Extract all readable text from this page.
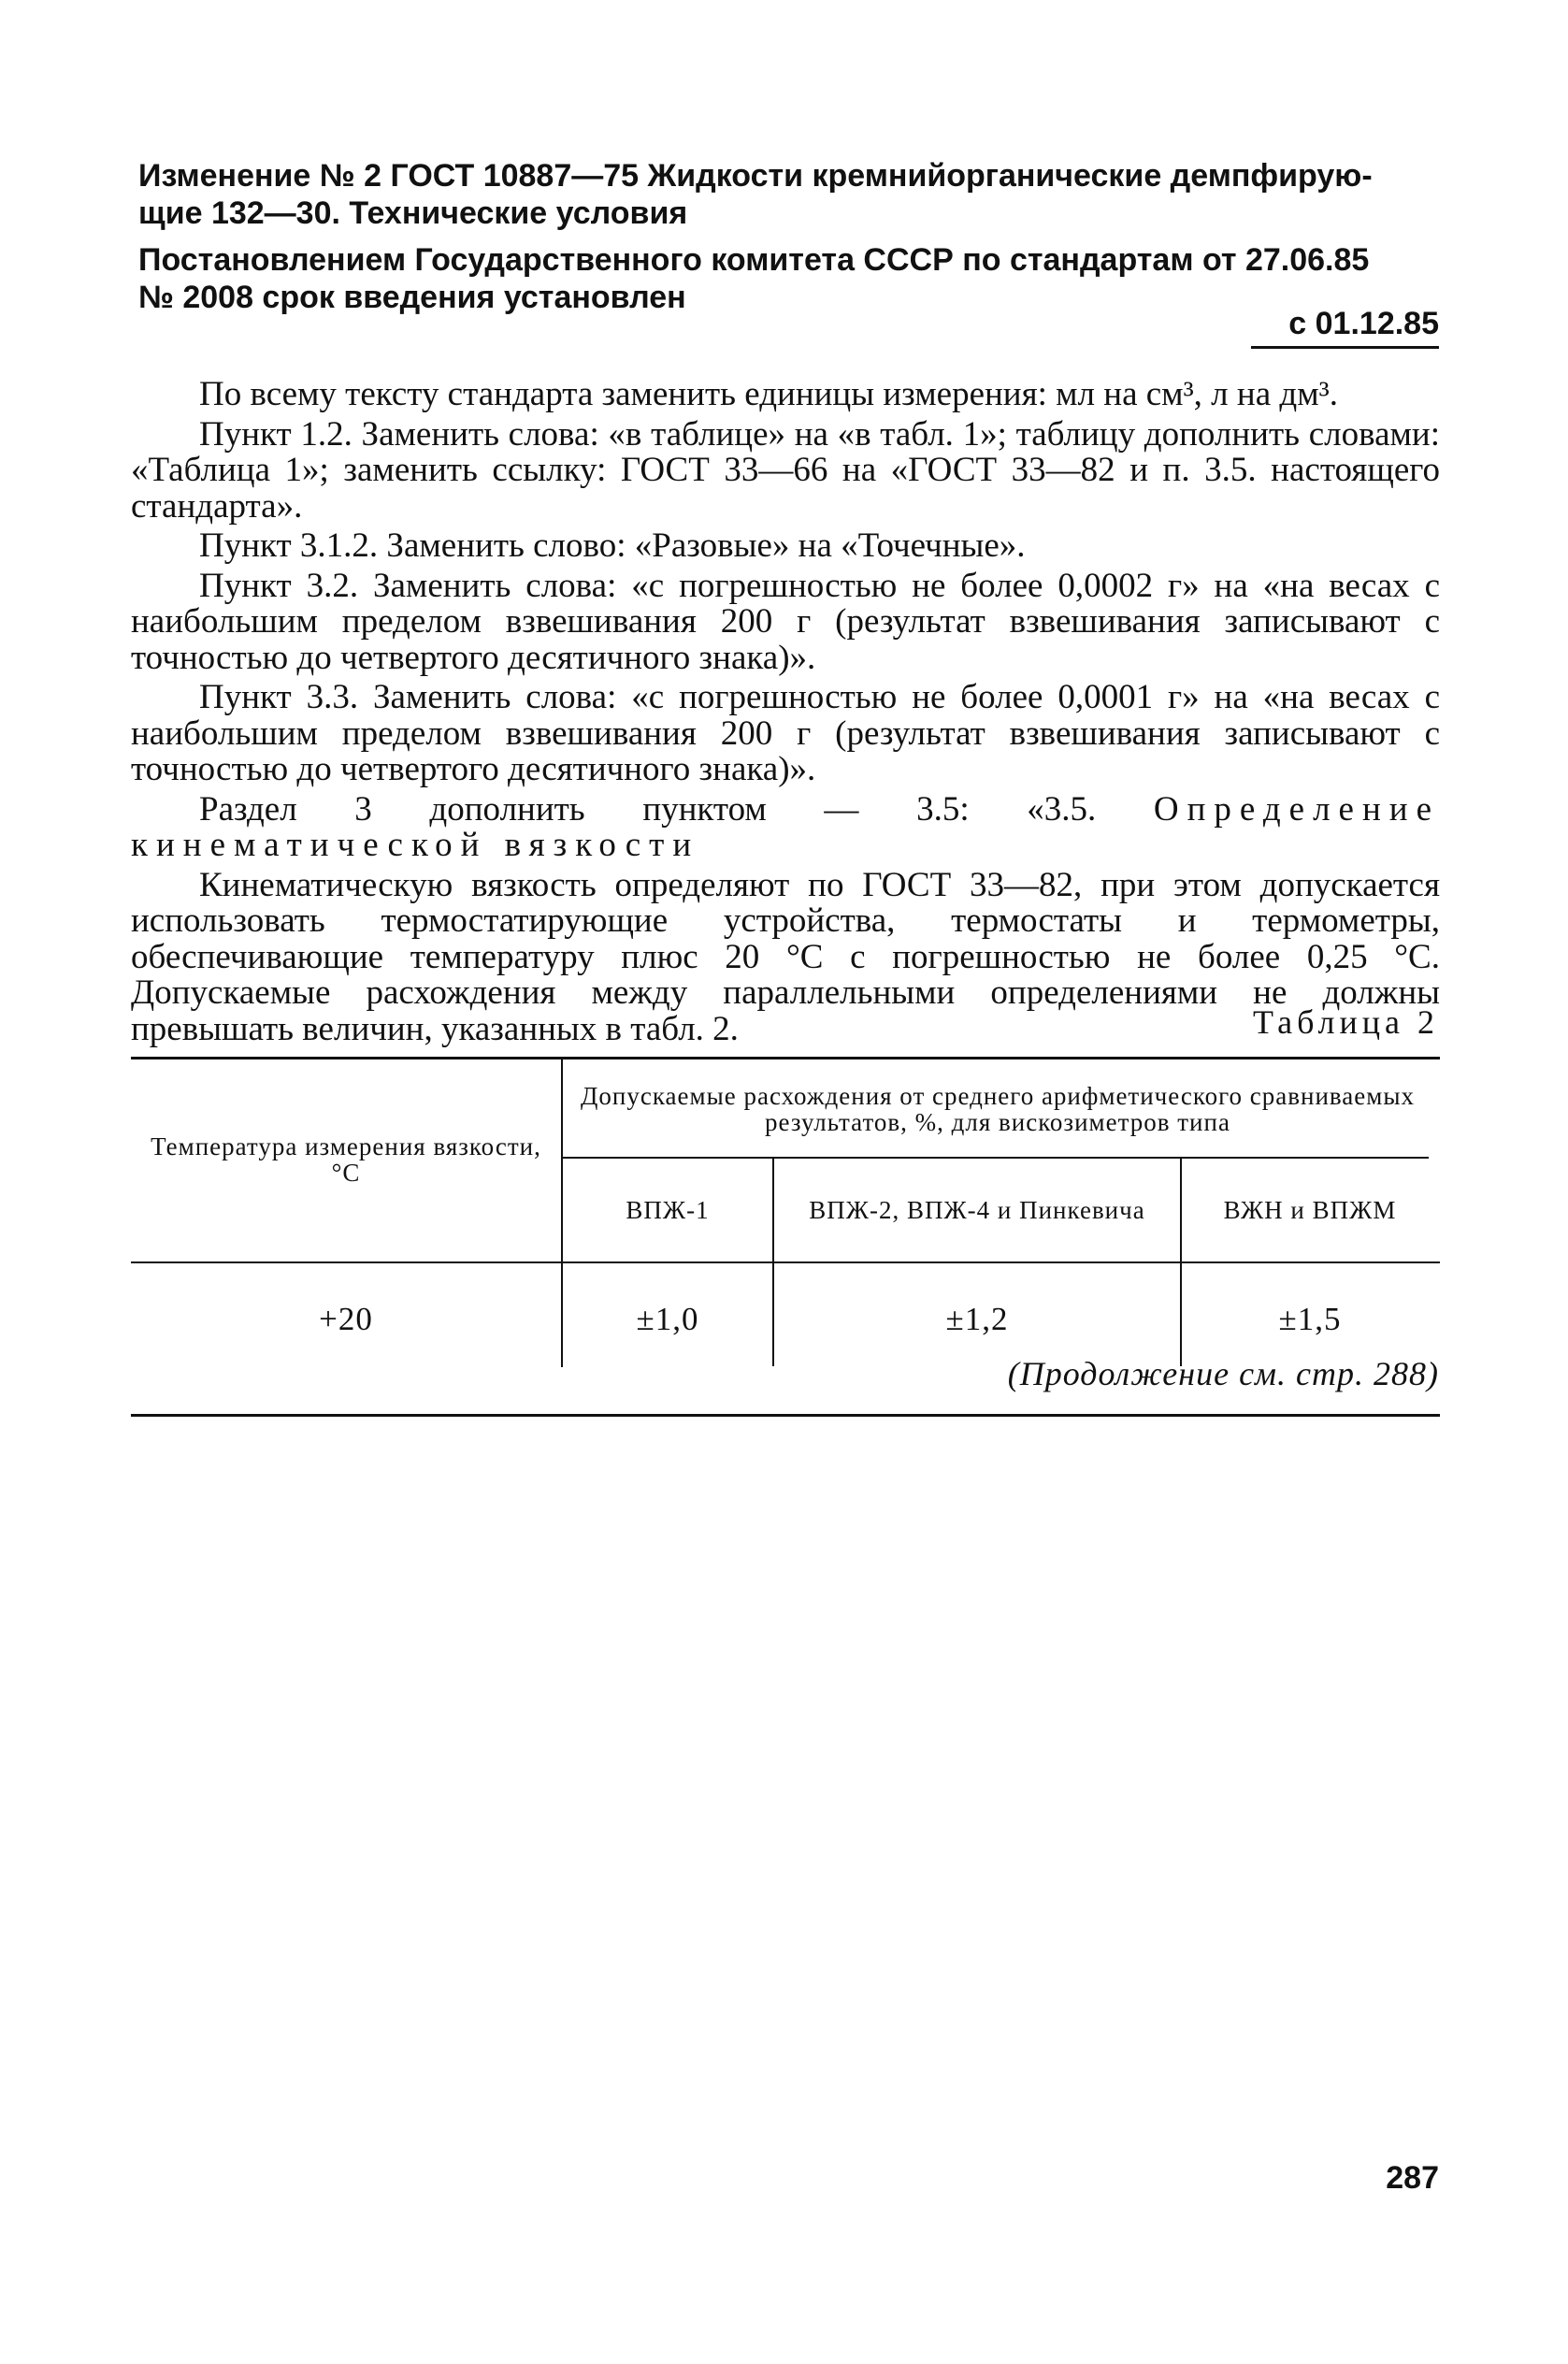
Изменение № 2 ГОСТ 10887—75 Жидкости кремнийорганические демпфирую-
щие 132—30. Технические условия
Постановлением Государственного комитета СССР по стандартам от 27.06.85
№ 2008 срок введения установлен
с 01.12.85

По всему тексту стандарта заменить единицы измерения: мл на см³, л на дм³.

Пункт 1.2. Заменить слова: «в таблице» на «в табл. 1»; таблицу дополнить словами: «Таблица 1»; заменить ссылку: ГОСТ 33—66 на «ГОСТ 33—82 и п. 3.5. настоящего стандарта».

Пункт 3.1.2. Заменить слово: «Разовые» на «Точечные».

Пункт 3.2. Заменить слова: «с погрешностью не более 0,0002 г» на «на весах с наибольшим пределом взвешивания 200 г (результат взвешивания записывают с точностью до четвертого десятичного знака)».

Пункт 3.3. Заменить слова: «с погрешностью не более 0,0001 г» на «на весах с наибольшим пределом взвешивания 200 г (результат взвешивания записывают с точностью до четвертого десятичного знака)».

Раздел 3 дополнить пунктом — 3.5: «3.5. Определение кинематической вязкости

Кинематическую вязкость определяют по ГОСТ 33—82, при этом допускается использовать термостатирующие устройства, термостаты и термометры, обеспечивающие температуру плюс 20 °С с погрешностью не более 0,25 °С. Допускаемые расхождения между параллельными определениями не должны превышать величин, указанных в табл. 2.	Таблица 2
Температура измерения вязкости, °С
Допускаемые расхождения от среднего арифметического сравниваемых результатов, %, для вискозиметров типа
ВПЖ-1	ВПЖ-2, ВПЖ-4 и Пинкевича	ВЖН и ВПЖМ
+20	±1,0	±1,2	±1,5
(Продолжение см. стр. 288)
287
